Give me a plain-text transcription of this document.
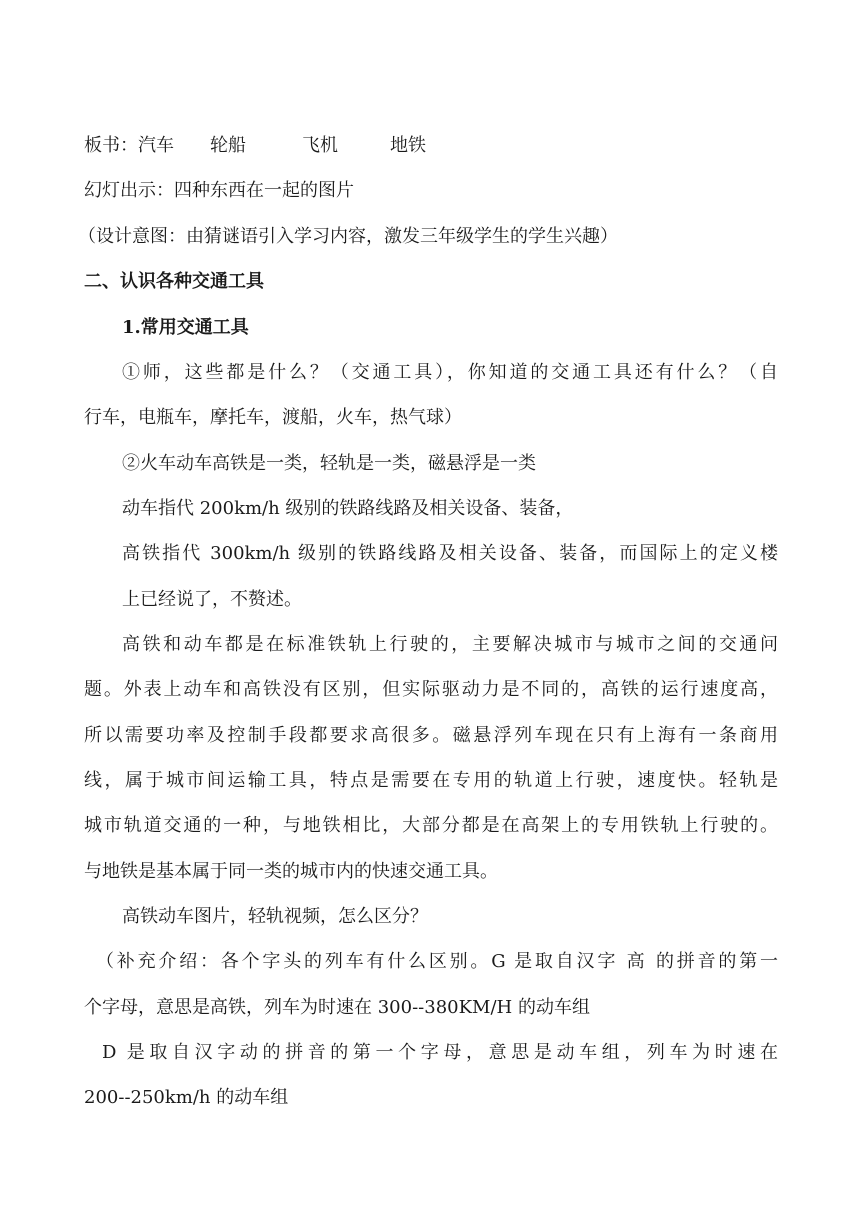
板书：汽车 轮船	飞机	地铁
幻灯出示：四种东西在一起的图片
（设计意图：由猜谜语引入学习内容，激发三年级学生的学生兴趣）
二、认识各种交通工具
1.常用交通工具
①师，这些都是什么？（交通工具），你知道的交通工具还有什么？（自
行车，电瓶车，摩托车，渡船，火车，热气球）
②火车动车高铁是一类，轻轨是一类，磁悬浮是一类
动车指代 200km/h 级别的铁路线路及相关设备、装备，
高铁指代 300km/h 级别的铁路线路及相关设备、装备，而国际上的定义楼
上已经说了，不赘述。
高铁和动车都是在标准铁轨上行驶的，主要解决城市与城市之间的交通问
题。外表上动车和高铁没有区别，但实际驱动力是不同的，高铁的运行速度高，
所以需要功率及控制手段都要求高很多。磁悬浮列车现在只有上海有一条商用
线，属于城市间运输工具，特点是需要在专用的轨道上行驶，速度快。轻轨是
城市轨道交通的一种，与地铁相比，大部分都是在高架上的专用铁轨上行驶的。
与地铁是基本属于同一类的城市内的快速交通工具。
高铁动车图片，轻轨视频，怎么区分？
（补充介绍：各个字头的列车有什么区别。G 是取自汉字 高 的拼音的第一
个字母，意思是高铁，列车为时速在 300--380KM/H 的动车组
D 是取自汉字动的拼音的第一个字母，意思是动车组，列车为时速在
200--250km/h 的动车组
